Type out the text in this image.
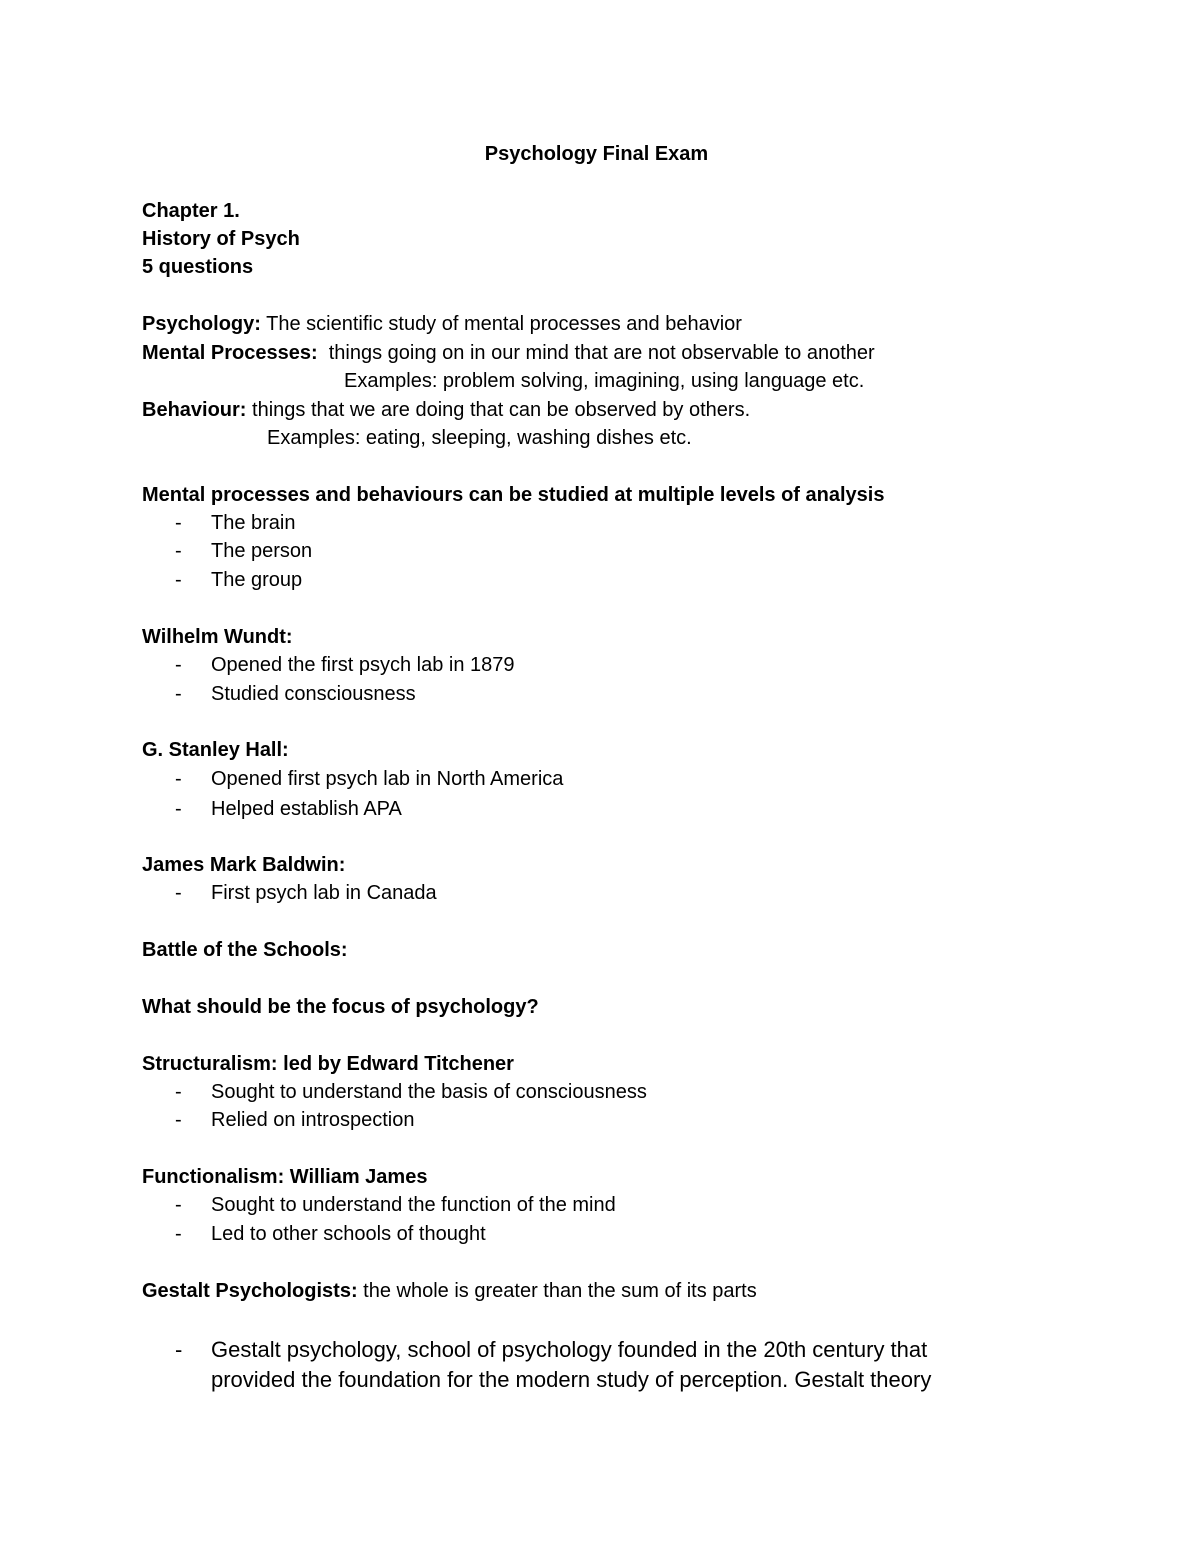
Psychology Final Exam
Chapter 1.
History of Psych
5 questions
Psychology: The scientific study of mental processes and behavior
Mental Processes:  things going on in our mind that are not observable to another
Examples: problem solving, imagining, using language etc.
Behaviour: things that we are doing that can be observed by others.
Examples: eating, sleeping, washing dishes etc.
Mental processes and behaviours can be studied at multiple levels of analysis
- The brain
- The person
- The group
Wilhelm Wundt:
- Opened the first psych lab in 1879
- Studied consciousness
G. Stanley Hall:
- Opened first psych lab in North America
- Helped establish APA
James Mark Baldwin:
- First psych lab in Canada
Battle of the Schools:
What should be the focus of psychology?
Structuralism: led by Edward Titchener
- Sought to understand the basis of consciousness
- Relied on introspection
Functionalism: William James
- Sought to understand the function of the mind
- Led to other schools of thought
Gestalt Psychologists: the whole is greater than the sum of its parts
- Gestalt psychology, school of psychology founded in the 20th century that
provided the foundation for the modern study of perception. Gestalt theory
